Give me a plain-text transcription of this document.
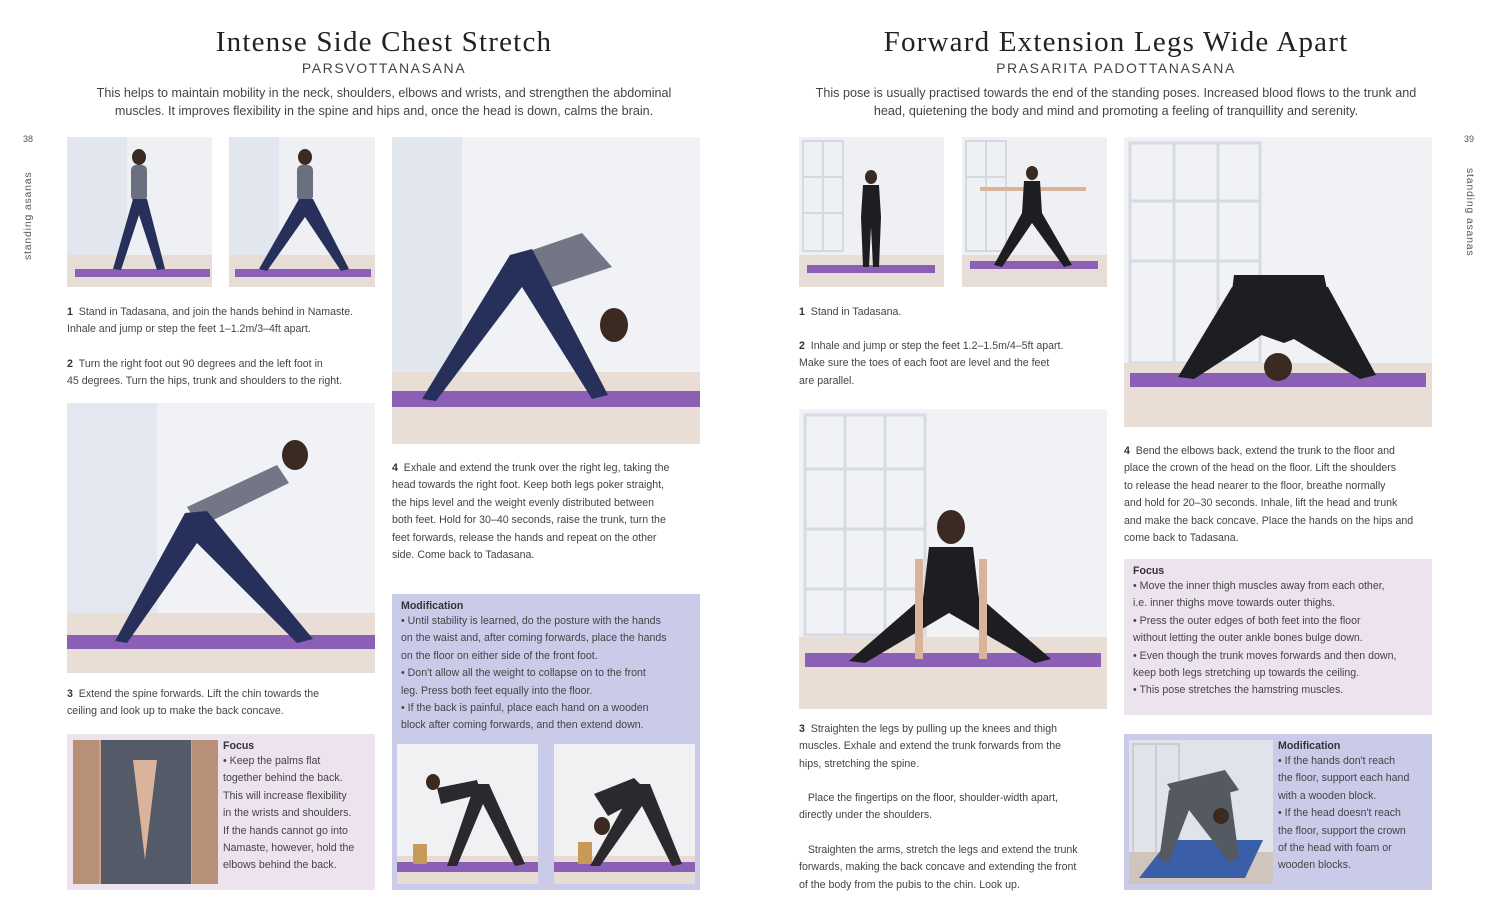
Intense Side Chest Stretch
PARSVOTTANASANA
This helps to maintain mobility in the neck, shoulders, elbows and wrists, and strengthen the abdominal muscles. It improves flexibility in the spine and hips and, once the head is down, calms the brain.
38
standing asanas
1 Stand in Tadasana, and join the hands behind in Namaste.
Inhale and jump or step the feet 1–1.2m/3–4ft apart.
2 Turn the right foot out 90 degrees and the left foot in
45 degrees. Turn the hips, trunk and shoulders to the right.
3 Extend the spine forwards. Lift the chin towards the
ceiling and look up to make the back concave.
Focus
• Keep the palms flat
together behind the back.
This will increase flexibility
in the wrists and shoulders.
If the hands cannot go into
Namaste, however, hold the
elbows behind the back.
4 Exhale and extend the trunk over the right leg, taking the
head towards the right foot. Keep both legs poker straight,
the hips level and the weight evenly distributed between
both feet. Hold for 30–40 seconds, raise the trunk, turn the
feet forwards, release the hands and repeat on the other
side. Come back to Tadasana.
Modification
• Until stability is learned, do the posture with the hands
on the waist and, after coming forwards, place the hands
on the floor on either side of the front foot.
• Don't allow all the weight to collapse on to the front
leg. Press both feet equally into the floor.
• If the back is painful, place each hand on a wooden
block after coming forwards, and then extend down.
Forward Extension Legs Wide Apart
PRASARITA PADOTTANASANA
This pose is usually practised towards the end of the standing poses. Increased blood flows to the trunk and head, quietening the body and mind and promoting a feeling of tranquillity and serenity.
39
standing asanas
1 Stand in Tadasana.
2 Inhale and jump or step the feet 1.2–1.5m/4–5ft apart.
Make sure the toes of each foot are level and the feet
are parallel.
3 Straighten the legs by pulling up the knees and thigh
muscles. Exhale and extend the trunk forwards from the
hips, stretching the spine.
Place the fingertips on the floor, shoulder-width apart,
directly under the shoulders.
Straighten the arms, stretch the legs and extend the trunk
forwards, making the back concave and extending the front
of the body from the pubis to the chin. Look up.
4 Bend the elbows back, extend the trunk to the floor and
place the crown of the head on the floor. Lift the shoulders
to release the head nearer to the floor, breathe normally
and hold for 20–30 seconds. Inhale, lift the head and trunk
and make the back concave. Place the hands on the hips and
come back to Tadasana.
Focus
• Move the inner thigh muscles away from each other,
i.e. inner thighs move towards outer thighs.
• Press the outer edges of both feet into the floor
without letting the outer ankle bones bulge down.
• Even though the trunk moves forwards and then down,
keep both legs stretching up towards the ceiling.
• This pose stretches the hamstring muscles.
Modification
• If the hands don't reach
the floor, support each hand
with a wooden block.
• If the head doesn't reach
the floor, support the crown
of the head with foam or
wooden blocks.
